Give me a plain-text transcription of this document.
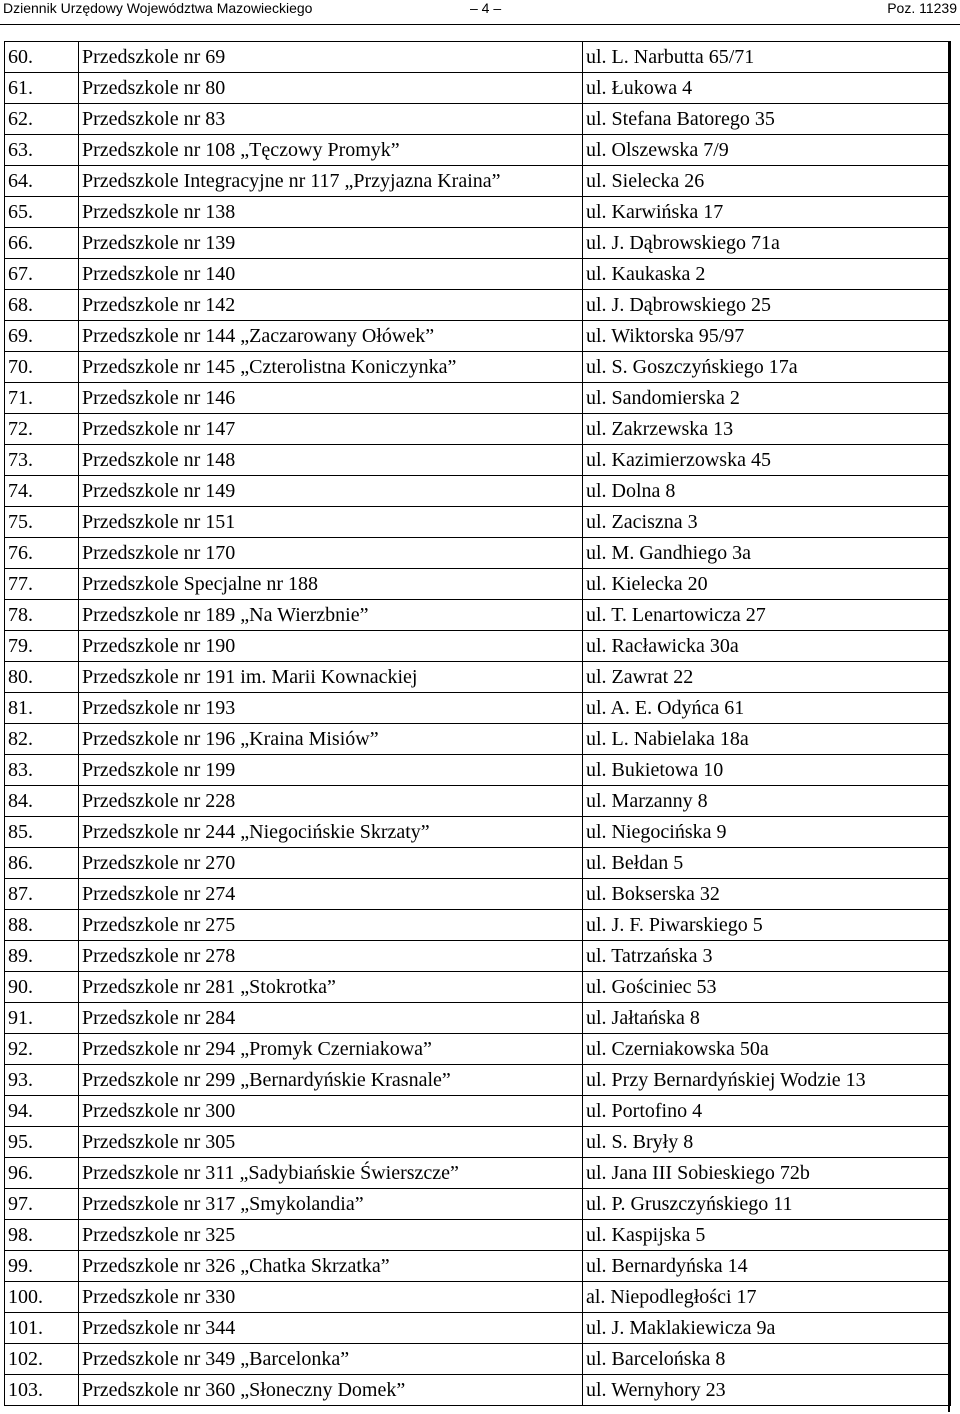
Dziennik Urzędowy Województwa Mazowieckiego	– 4 –	Poz. 11239
60.	Przedszkole nr 69	ul. L. Narbutta 65/71
61.	Przedszkole nr 80	ul. Łukowa 4
62.	Przedszkole nr 83	ul. Stefana Batorego 35
63.	Przedszkole nr 108 „Tęczowy Promyk”	ul. Olszewska 7/9
64.	Przedszkole Integracyjne nr 117 „Przyjazna Kraina”	ul. Sielecka 26
65.	Przedszkole nr 138	ul. Karwińska 17
66.	Przedszkole nr 139	ul. J. Dąbrowskiego 71a
67.	Przedszkole nr 140	ul. Kaukaska 2
68.	Przedszkole nr 142	ul. J. Dąbrowskiego 25
69.	Przedszkole nr 144 „Zaczarowany Ołówek”	ul. Wiktorska 95/97
70.	Przedszkole nr 145 „Czterolistna Koniczynka”	ul. S. Goszczyńskiego 17a
71.	Przedszkole nr 146	ul. Sandomierska 2
72.	Przedszkole nr 147	ul. Zakrzewska 13
73.	Przedszkole nr 148	ul. Kazimierzowska 45
74.	Przedszkole nr 149	ul. Dolna 8
75.	Przedszkole nr 151	ul. Zaciszna 3
76.	Przedszkole nr 170	ul. M. Gandhiego 3a
77.	Przedszkole Specjalne nr 188	ul. Kielecka 20
78.	Przedszkole nr 189 „Na Wierzbnie”	ul. T. Lenartowicza 27
79.	Przedszkole nr 190	ul. Racławicka 30a
80.	Przedszkole nr 191 im. Marii Kownackiej	ul. Zawrat 22
81.	Przedszkole nr 193	ul. A. E. Odyńca 61
82.	Przedszkole nr 196 „Kraina Misiów”	ul. L. Nabielaka 18a
83.	Przedszkole nr 199	ul. Bukietowa 10
84.	Przedszkole nr 228	ul. Marzanny 8
85.	Przedszkole nr 244 „Niegocińskie Skrzaty”	ul. Niegocińska 9
86.	Przedszkole nr 270	ul. Bełdan 5
87.	Przedszkole nr 274	ul. Bokserska 32
88.	Przedszkole nr 275	ul. J. F. Piwarskiego 5
89.	Przedszkole nr 278	ul. Tatrzańska 3
90.	Przedszkole nr 281 „Stokrotka”	ul. Gościniec 53
91.	Przedszkole nr 284	ul. Jałtańska 8
92.	Przedszkole nr 294 „Promyk Czerniakowa”	ul. Czerniakowska 50a
93.	Przedszkole nr 299 „Bernardyńskie Krasnale”	ul. Przy Bernardyńskiej Wodzie 13
94.	Przedszkole nr 300	ul. Portofino 4
95.	Przedszkole nr 305	ul. S. Bryły 8
96.	Przedszkole nr 311 „Sadybiańskie Świerszcze”	ul. Jana III Sobieskiego 72b
97.	Przedszkole nr 317 „Smykolandia”	ul. P. Gruszczyńskiego 11
98.	Przedszkole nr 325	ul. Kaspijska 5
99.	Przedszkole nr 326 „Chatka Skrzatka”	ul. Bernardyńska 14
100.	Przedszkole nr 330	al. Niepodległości 17
101.	Przedszkole nr 344	ul. J. Maklakiewicza 9a
102.	Przedszkole nr 349 „Barcelonka”	ul. Barcelońska 8
103.	Przedszkole nr 360 „Słoneczny Domek”	ul. Wernyhory 23
